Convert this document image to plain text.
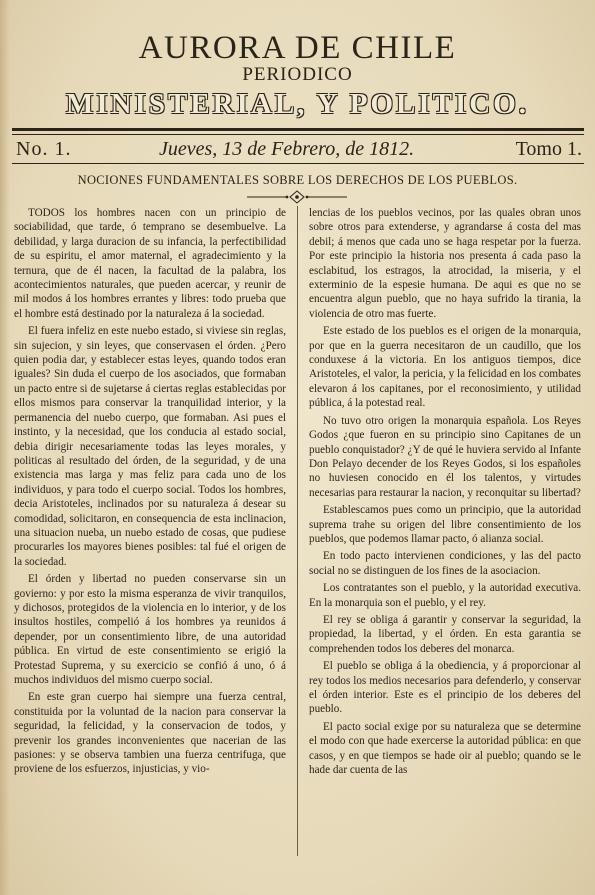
AURORA DE CHILE
PERIODICO
MINISTERIAL, Y POLITICO.
No. 1.	Jueves, 13 de Febrero, de 1812.	Tomo 1.
NOCIONES FUNDAMENTALES SOBRE LOS DERECHOS DE LOS PUEBLOS.

TODOS los hombres nacen con un principio de sociabilidad, que tarde, ó temprano se desembuelve. La debilidad, y larga duracion de su infancia, la perfectibilidad de su espiritu, el amor maternal, el agradecimiento y la ternura, que de él nacen, la facultad de la palabra, los acontecimientos naturales, que pueden acercar, y reunir de mil modos á los hombres errantes y libres: todo prueba que el hombre está destinado por la naturaleza á la sociedad.

El fuera infeliz en este nuebo estado, si viviese sin reglas, sin sujecion, y sin leyes, que conservasen el órden. ¿Pero quien podia dar, y establecer estas leyes, quando todos eran iguales? Sin duda el cuerpo de los asociados, que formaban un pacto entre si de sujetarse á ciertas reglas establecidas por ellos mismos para conservar la tranquilidad interior, y la permanencia del nuebo cuerpo, que formaban. Asi pues el instinto, y la necesidad, que los conducia al estado social, debia dirigir necesariamente todas las leyes morales, y politicas al resultado del órden, de la seguridad, y de una existencia mas larga y mas feliz para cada uno de los individuos, y para todo el cuerpo social. Todos los hombres, decia Aristoteles, inclinados por su naturaleza á desear su comodidad, solicitaron, en consequencia de esta inclinacion, una situacion nueba, un nuebo estado de cosas, que pudiese procurarles los mayores bienes posibles: tal fué el origen de la sociedad.

El órden y libertad no pueden conservarse sin un govierno: y por esto la misma esperanza de vivir tranquilos, y dichosos, protegidos de la violencia en lo interior, y de los insultos hostiles, compelió á los hombres ya reunidos á depender, por un consentimiento libre, de una autoridad pública. En virtud de este consentimiento se erigió la Protestad Suprema, y su exercicio se confió á uno, ó á muchos individuos del mismo cuerpo social.

En este gran cuerpo hai siempre una fuerza central, constituida por la voluntad de la nacion para conservar la seguridad, la felicidad, y la conservacion de todos, y prevenir los grandes inconvenientes que nacerian de las pasiones: y se observa tambien una fuerza centrifuga, que proviene de los esfuerzos, injusticias, y vio-

lencias de los pueblos vecinos, por las quales obran unos sobre otros para extenderse, y agrandarse á costa del mas debil; á menos que cada uno se haga respetar por la fuerza. Por este principio la historia nos presenta á cada paso la esclabitud, los estragos, la atrocidad, la miseria, y el exterminio de la espesie humana. De aqui es que no se encuentra algun pueblo, que no haya sufrido la tirania, la violencia de otro mas fuerte.

Este estado de los pueblos es el origen de la monarquia, por que en la guerra necesitaron de un caudillo, que los conduxese á la victoria. En los antiguos tiempos, dice Aristoteles, el valor, la pericia, y la felicidad en los combates elevaron á los capitanes, por el reconosimiento, y utilidad pública, á la potestad real.

No tuvo otro origen la monarquia española. Los Reyes Godos ¿que fueron en su principio sino Capitanes de un pueblo conquistador? ¿Y de qué le huviera servido al Infante Don Pelayo decender de los Reyes Godos, si los españoles no huviesen conocido en él los talentos, y virtudes necesarias para restaurar la nacion, y reconquitar su libertad?

Establescamos pues como un principio, que la autoridad suprema trahe su origen del libre consentimiento de los pueblos, que podemos llamar pacto, ó alianza social.

En todo pacto intervienen condiciones, y las del pacto social no se distinguen de los fines de la asociacion.

Los contratantes son el pueblo, y la autoridad executiva. En la monarquia son el pueblo, y el rey.

El rey se obliga á garantir y conservar la seguridad, la propiedad, la libertad, y el órden. En esta garantia se comprehenden todos los deberes del monarca.

El pueblo se obliga á la obediencia, y á proporcionar al rey todos los medios necesarios para defenderlo, y conservar el órden interior. Este es el principio de los deberes del pueblo.

El pacto social exige por su naturaleza que se determine el modo con que hade exercerse la autoridad pública: en que casos, y en que tiempos se hade oir al pueblo; quando se le hade dar cuenta de las
